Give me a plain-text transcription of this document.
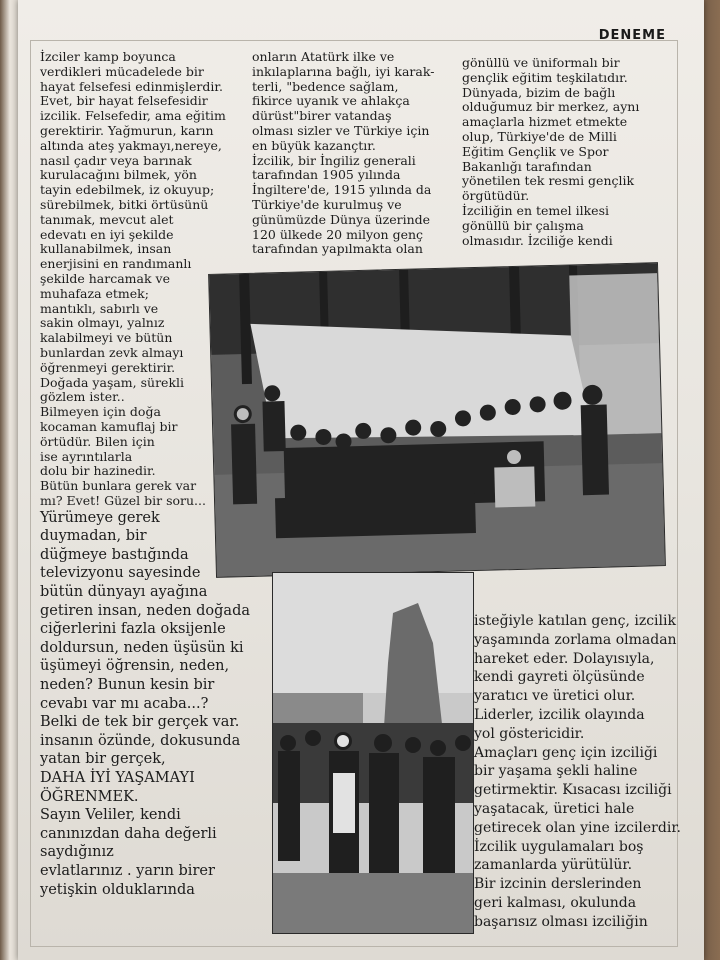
DENEME
İzciler kamp boyunca
verdikleri mücadelede bir
hayat felsefesi edinmişlerdir.
Evet, bir hayat felsefesidir
izcilik. Felsefedir, ama eğitim
gerektirir. Yağmurun, karın
altında ateş yakmayı,nereye,
nasıl çadır veya barınak
kurulacağını bilmek, yön
tayin edebilmek, iz okuyup;
sürebilmek, bitki örtüsünü
tanımak, mevcut alet
edevatı en iyi şekilde
kullanabilmek, insan
enerjisini en randımanlı
şekilde harcamak ve
muhafaza etmek;
mantıklı, sabırlı ve
sakin olmayı, yalnız
kalabilmeyi ve bütün
bunlardan zevk almayı
öğrenmeyi gerektirir.
Doğada yaşam, sürekli
gözlem ister..
Bilmeyen için doğa
kocaman kamuflaj bir
örtüdür. Bilen için
ise ayrıntılarla
dolu bir hazinedir.
Bütün bunlara gerek var
mı? Evet! Güzel bir soru...
Yürümeye gerek
duymadan, bir
düğmeye bastığında
televizyonu sayesinde
bütün dünyayı ayağına
getiren insan, neden doğada
ciğerlerini fazla oksijenle
doldursun, neden üşüsün ki
üşümeyi öğrensin, neden,
neden? Bunun kesin bir
cevabı var mı acaba...?
Belki de tek bir gerçek var.
insanın özünde, dokusunda
yatan bir gerçek,
DAHA İYİ YAŞAMAYI
ÖĞRENMEK.
Sayın Veliler, kendi
canınızdan daha değerli
saydığınız
evlatlarınız . yarın birer
yetişkin olduklarında
onların Atatürk ilke ve
inkılaplarına bağlı, iyi karak-
terli, "bedence sağlam,
fikirce uyanık ve ahlakça
dürüst"birer vatandaş
olması sizler ve Türkiye için
en büyük kazançtır.
İzcilik, bir İngiliz generali
tarafından 1905 yılında
İngiltere'de, 1915 yılında da
Türkiye'de kurulmuş ve
günümüzde Dünya üzerinde
120 ülkede 20 milyon genç
tarafından yapılmakta olan
gönüllü ve üniformalı bir
gençlik eğitim teşkilatıdır.
Dünyada, bizim de bağlı
olduğumuz bir merkez, aynı
amaçlarla hizmet etmekte
olup, Türkiye'de de Milli
Eğitim Gençlik ve Spor
Bakanlığı tarafından
yönetilen tek resmi gençlik
örgütüdür.
İzciliğin en temel ilkesi
gönüllü bir çalışma
olmasıdır. İzciliğe kendi
isteğiyle katılan genç, izcilik
yaşamında zorlama olmadan
hareket eder. Dolayısıyla,
kendi gayreti ölçüsünde
yaratıcı ve üretici olur.
Liderler, izcilik olayında
yol göstericidir.
Amaçları genç için izciliği
bir yaşama şekli haline
getirmektir. Kısacası izciliği
yaşatacak, üretici hale
getirecek olan yine izcilerdir.
İzcilik uygulamaları boş
zamanlarda yürütülür.
Bir izcinin derslerinden
geri kalması, okulunda
başarısız olması izciliğin
